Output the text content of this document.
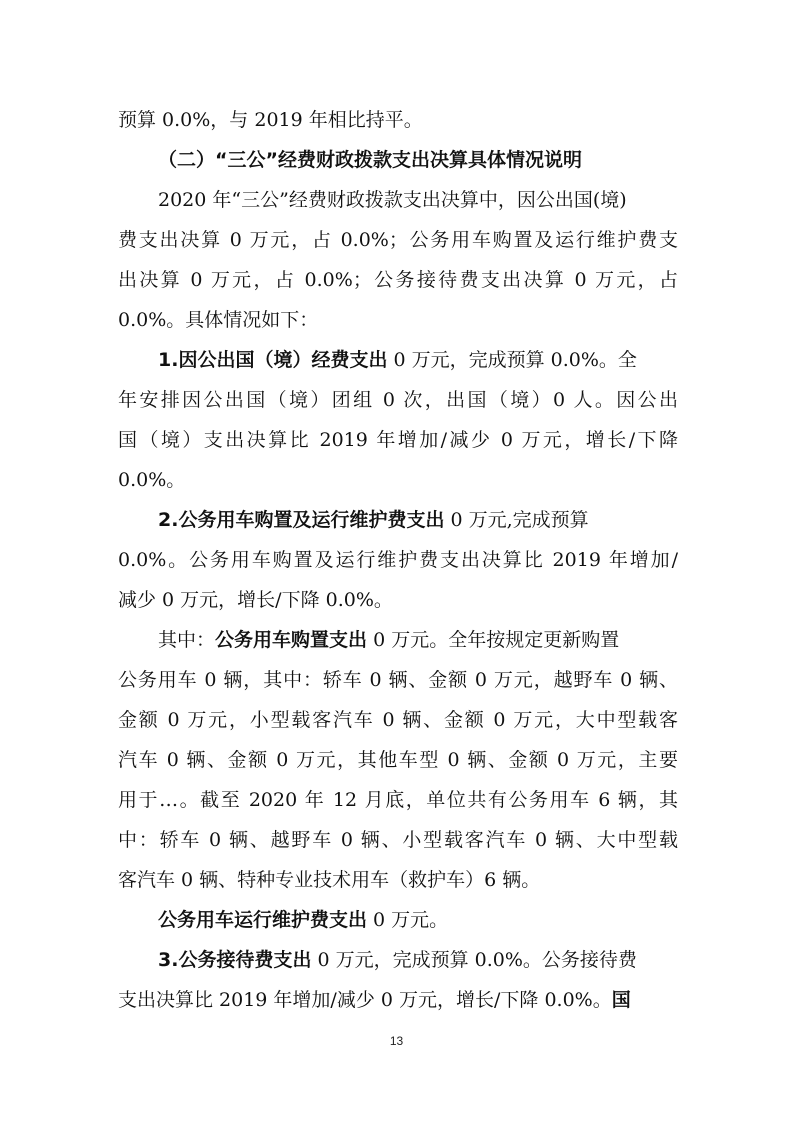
预算 0.0%，与 2019 年相比持平。
（二）“三公”经费财政拨款支出决算具体情况说明
2020 年“三公”经费财政拨款支出决算中，因公出国(境)
费支出决算 0 万元，占 0.0%；公务用车购置及运行维护费支
出决算 0 万元，占 0.0%；公务接待费支出决算 0 万元，占
0.0%。具体情况如下：
1.因公出国（境）经费支出 0 万元，完成预算 0.0%。全
年安排因公出国（境）团组 0 次，出国（境）0 人。因公出
国（境）支出决算比 2019 年增加/减少 0 万元，增长/下降
0.0%。
2.公务用车购置及运行维护费支出 0 万元,完成预算
0.0%。公务用车购置及运行维护费支出决算比 2019 年增加/
减少 0 万元，增长/下降 0.0%。
其中：公务用车购置支出 0 万元。全年按规定更新购置
公务用车 0 辆，其中：轿车 0 辆、金额 0 万元，越野车 0 辆、
金额 0 万元，小型载客汽车 0 辆、金额 0 万元，大中型载客
汽车 0 辆、金额 0 万元，其他车型 0 辆、金额 0 万元，主要
用于…。截至 2020 年 12 月底，单位共有公务用车 6 辆，其
中：轿车 0 辆、越野车 0 辆、小型载客汽车 0 辆、大中型载
客汽车 0 辆、特种专业技术用车（救护车）6 辆。
公务用车运行维护费支出 0 万元。
3.公务接待费支出 0 万元，完成预算 0.0%。公务接待费
支出决算比 2019 年增加/减少 0 万元，增长/下降 0.0%。国
13
